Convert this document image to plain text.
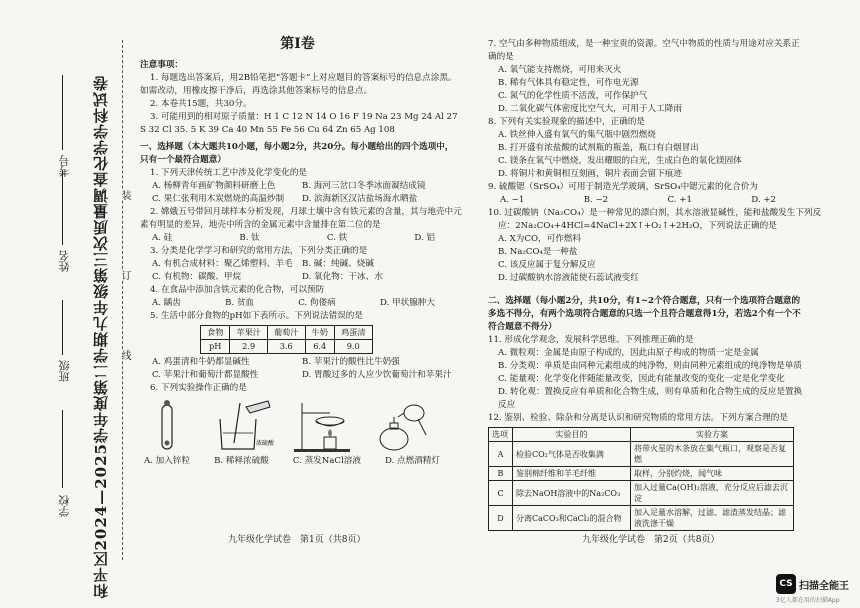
和平区2024—2025学年度第二学期九年级第三次质量调查化学学科试卷
学校
班级
姓名
考号
装
订
线
第Ⅰ卷
注意事项：
1. 每题选出答案后，用2B铅笔把“答题卡”上对应题目的答案标号的信息点涂黑。
如需改动，用橡皮擦干净后，再选涂其他答案标号的信息点。
2. 本卷共15题，共30分。
3. 可能用到的相对原子质量：H 1 C 12 N 14 O 16 F 19 Na 23 Mg 24 Al 27
S 32 Cl 35. 5 K 39 Ca 40 Mn 55 Fe 56 Cu 64 Zn 65 Ag 108
一、选择题（本大题共10小题，每小题2分，共20分。每小题给出的四个选项中，只有一个最符合题意）
1. 下列天津传统工艺中涉及化学变化的是
A. 杨柳青年画矿物颜料研磨上色	B. 海河三岔口冬季冰面凝结成镜
C. 果仁张利用木炭燃烧的高温炒制	D. 滨海新区汉沽盐场海水晒盐
2. 嫦娥五号带回月球样本分析发现，月球土壤中含有铁元素的含量，其与地壳中元
素有明显的差异，地壳中所含的金属元素中含量排在第二位的是
A. 硅	B. 钛	C. 铁	D. 铝
3. 分类是化学学习和研究的常用方法，下列分类正确的是
A. 有机合成材料：聚乙烯塑料、羊毛	B. 碱：纯碱、烧碱
C. 有机物：碳酸、甲烷	D. 氧化物：干冰、水
4. 在食品中添加含铁元素的化合物，可以预防
A. 龋齿	B. 贫血	C. 佝偻病	D. 甲状腺肿大
5. 生活中部分食物的pH如下表所示。下列说法错误的是
食物	苹果汁	葡萄汁	牛奶	鸡蛋清
pH	2.9	3.6	6.4	9.0
A. 鸡蛋清和牛奶都显碱性	B. 苹果汁的酸性比牛奶强
C. 苹果汁和葡萄汁都显酸性	D. 胃酸过多的人应少饮葡萄汁和苹果汁
6. 下列实验操作正确的是
浓硫酸
A. 加入锌粒	B. 稀释浓硫酸	C. 蒸发NaCl溶液	D. 点燃酒精灯
九年级化学试卷　第1页（共8页）
7. 空气由多种物质组成，是一种宝贵的资源。空气中物质的性质与用途对应关系正确的是
A. 氧气能支持燃烧，可用来灭火
B. 稀有气体具有稳定性，可作电光源
C. 氮气的化学性质不活泼，可作保护气
D. 二氧化碳气体密度比空气大，可用于人工降雨
8. 下列有关实验现象的描述中，正确的是
A. 铁丝伸入盛有氧气的集气瓶中剧烈燃烧
B. 打开盛有浓盐酸的试剂瓶的瓶盖，瓶口有白烟冒出
C. 镁条在氧气中燃烧，发出耀眼的白光，生成白色的氧化镁固体
D. 将铜片和黄铜相互刻画，铜片表面会留下痕迹
9. 硫酸锶（SrSO₄）可用于制造光学玻璃，SrSO₄中锶元素的化合价为
A. −1	B. −2	C. +1	D. +2
10. 过碳酸钠（Na₂CO₄）是一种常见的漂白剂，其水溶液显碱性，能和盐酸发生下列反
应：2Na₂CO₄+4HCl=4NaCl+2X↑+O₂↑+2H₂O，下列说法正确的是
A. X为CO，可作燃料
B. Na₂CO₄是一种盐
C. 该反应属于复分解反应
D. 过碳酸钠水溶液能使石蕊试液变红
二、选择题（每小题2分，共10分，有1~2个符合题意，只有一个选项符合题意的多选不得分，有两个选项符合题意的只选一个且符合题意得1分，若选2个有一个不符合题意不得分）
11. 形成化学观念，发展科学思维。下列推理正确的是
A. 微粒观：金属是由原子构成的，因此由原子构成的物质一定是金属
B. 分类观：单质是由同种元素组成的纯净物，则由同种元素组成的纯净物是单质
C. 能量观：化学变化伴随能量改变，因此有能量改变的变化一定是化学变化
D. 转化观：置换反应有单质和化合物生成，则有单质和化合物生成的反应是置换反应
12. 鉴别、检验、除杂和分离是认识和研究物质的常用方法。下列方案合理的是
选项	实验目的	实验方案
A	检验CO₂气体是否收集满	将带火星的木条放在集气瓶口，观察是否复燃
B	鉴别棉纤维和羊毛纤维	取样，分别灼烧，闻气味
C	除去NaOH溶液中的Na₂CO₃	加入过量Ca(OH)₂溶液，充分反应后滤去沉淀
D	分离CaCO₃和CaCl₂的混合物	加入足量水溶解，过滤、滤渣蒸发结晶；滤液洗涤干燥
九年级化学试卷　第2页（共8页）
CS 扫描全能王
3亿人都在用的扫描App
